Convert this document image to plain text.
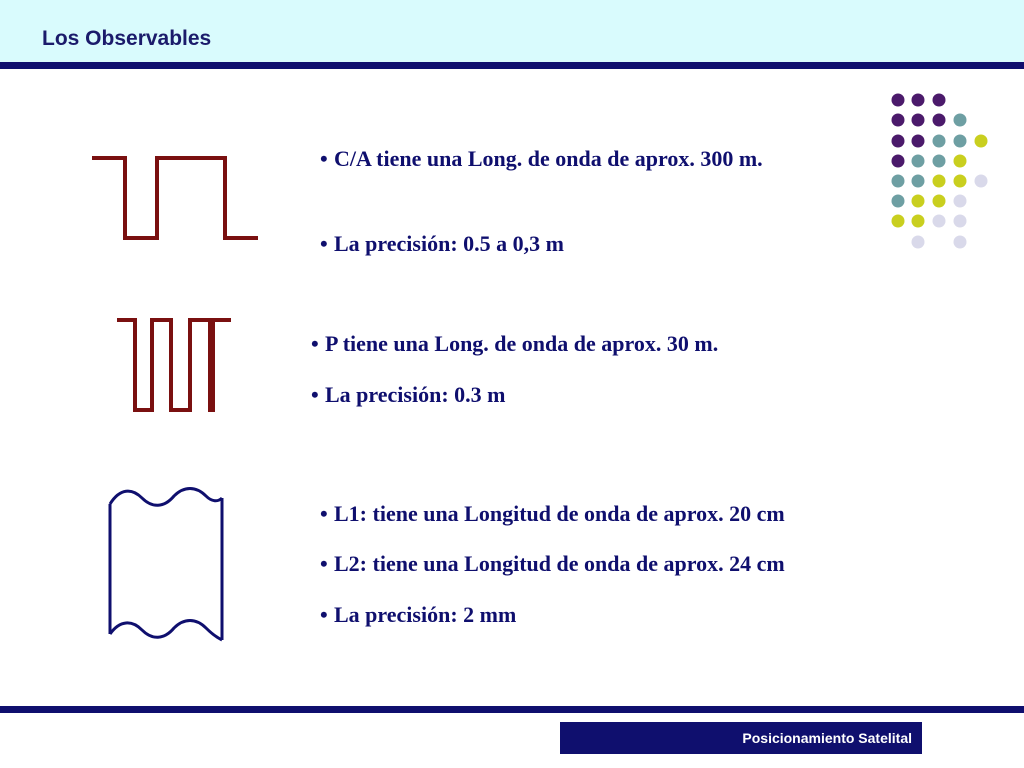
Los Observables
• C/A tiene una Long. de onda de aprox. 300 m.
• La precisión: 0.5 a 0,3 m
• P tiene una Long. de onda de aprox. 30 m.
• La precisión: 0.3 m
• L1: tiene una Longitud de onda de aprox. 20 cm
• L2: tiene una Longitud de onda de aprox. 24 cm
• La precisión: 2 mm
Posicionamiento Satelital
